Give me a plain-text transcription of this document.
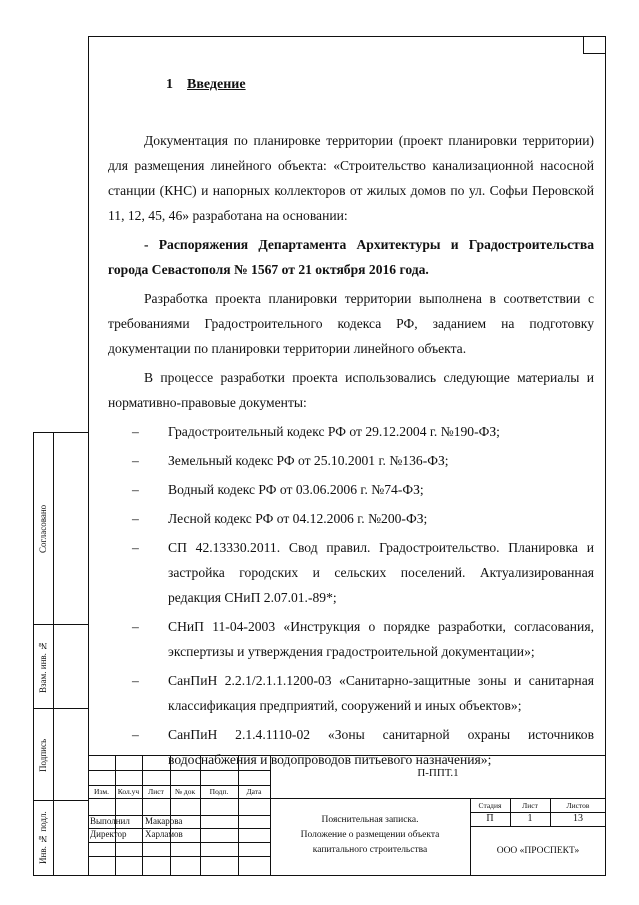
1 Введение

Документация по планировке территории (проект планировки территории) для размещения линейного объекта: «Строительство канализационной насосной станции (КНС) и напорных коллекторов от жилых домов по ул. Софьи Перовской 11, 12, 45, 46» разработана на основании:

- Распоряжения Департамента Архитектуры и Градостроительства города Севастополя № 1567 от 21 октября 2016 года.

Разработка проекта планировки территории выполнена в соответствии с требованиями Градостроительного кодекса РФ, заданием на подготовку документации по планировки территории линейного объекта.

В процессе разработки проекта использовались следующие материалы и нормативно-правовые документы:

– Градостроительный кодекс РФ от 29.12.2004 г. №190-ФЗ;

– Земельный кодекс РФ от 25.10.2001 г. №136-ФЗ;

– Водный кодекс РФ от 03.06.2006 г. №74-ФЗ;

– Лесной кодекс РФ от 04.12.2006 г. №200-ФЗ;

– СП 42.13330.2011. Свод правил. Градостроительство. Планировка и застройка городских и сельских поселений. Актуализированная редакция СНиП 2.07.01.-89*;

– СНиП 11-04-2003 «Инструкция о порядке разработки, согласования, экспертизы и утверждения градостроительной документации»;

– СанПиН 2.2.1/2.1.1.1200-03 «Санитарно-защитные зоны и санитарная классификация предприятий, сооружений и иных объектов»;

– СанПиН 2.1.4.1110-02 «Зоны санитарной охраны источников водоснабжения и водопроводов питьевого назначения»;

Согласовано
Взам. инв. №
Подпись
Инв. № подл.
П-ППТ.1
Изм.	Кол.уч	Лист	№ док	Подп.	Дата
Выполнил Макарова
Директор Харламов
Пояснительная записка.
Положение о размещении объекта
капитального строительства
Стадия	Лист	Листов
П	1	13
ООО «ПРОСПЕКТ»
